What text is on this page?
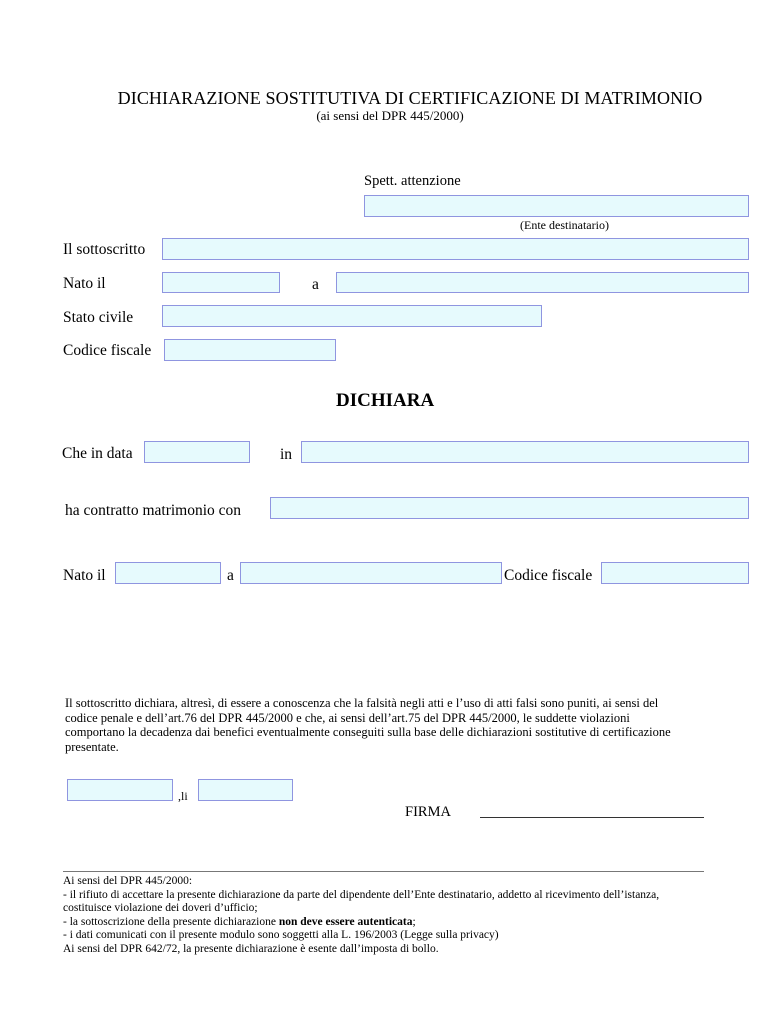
DICHIARAZIONE SOSTITUTIVA DI CERTIFICAZIONE DI MATRIMONIO
(ai sensi del DPR 445/2000)
Spett. attenzione
(Ente destinatario)
Il sottoscritto
Nato il	a
Stato civile
Codice fiscale
DICHIARA
Che in data	in
ha contratto matrimonio con
Nato il	a	Codice fiscale
Il sottoscritto dichiara, altresì, di essere a conoscenza che la falsità negli atti e l’uso di atti falsi sono puniti, ai sensi del
codice penale e dell’art.76 del DPR 445/2000 e che, ai sensi dell’art.75 del DPR 445/2000, le suddette violazioni
comportano la decadenza dai benefici eventualmente conseguiti sulla base delle dichiarazioni sostitutive di certificazione
presentate.
,li
FIRMA
Ai sensi del DPR 445/2000:
- il rifiuto di accettare la presente dichiarazione da parte del dipendente dell’Ente destinatario, addetto al ricevimento dell’istanza,
costituisce violazione dei doveri d’ufficio;
- la sottoscrizione della presente dichiarazione non deve essere autenticata;
- i dati comunicati con il presente modulo sono soggetti alla L. 196/2003 (Legge sulla privacy)
Ai sensi del DPR 642/72, la presente dichiarazione è esente dall’imposta di bollo.
